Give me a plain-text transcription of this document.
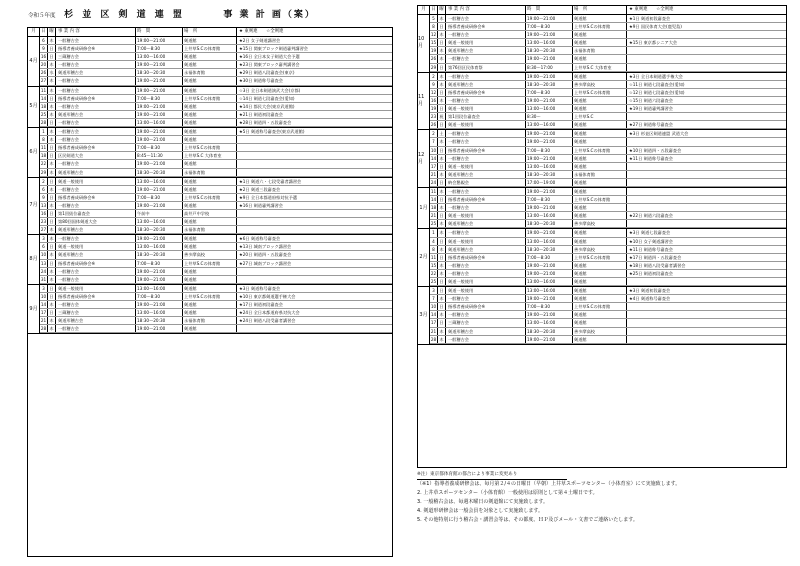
令和５年度 杉 並 区 剣 道 連 盟	事 業 計 画（案）
月	日 曜 事 業 内 容	時　間	場　所	★ 東剣連　　☆全剣連
4月
6	木	一般稽古会	19:00～21:00	剣道館	★2日 女子剣道講習会
9	日	指導者養成研修会※	7:00～8:30	上井草S.Cの体育館	★15日 関東ブロック剣道審判講習会
16 日	三蔵稽古会	13:00～16:00	剣道館	★16日 全日本女子剣道大会予選
20 木	一般稽古会	19:00～21:00	剣道館	★23日 関東ブロック審判講習会
26 水	剣道形稽古会	18:30～20:30	永福体育館	★29日 剣道八段審査会(東京)
27 木	一般稽古会	19:00～21:00	剣道館	★30日 剣道称号審査会
5月
11 木	一般稽古会	19:00～21:00	剣道館	☆3日 全日本剣道演武大会(京都)
14 日	指導者養成研修会※	7:00～8:30	上井草S.Cの体育館	☆14日 剣道七段審査会(愛知)
18 木	一般稽古会	19:00～21:00	剣道館	★14日 都民大会(東京武道館)
25 木	剣道形稽古会	19:00～21:00	剣道館	★21日 剣道初段審査会
28 日	一般稽古会	13:00～16:00	剣道館	★28日 剣道四・五段審査会
6月
1	木	一般稽古会	19:00～21:00	剣道館	★5日 剣道称号審査会(東京武道館)
8	木	一般稽古会	19:00～21:00	剣道館
11 日	指導者養成研修会※	7:00～8:30	上井草S.Cの体育館
18 日	区民剣道大会	8:45～11:30	上井草S.C 大体育室
22 木	一般稽古会	19:00～21:00	剣道館
29 木	剣道形稽古会	18:30～20:30	永福体育館
7月
2	日	剣道一般使用	13:00～16:00	剣道館	★1日 剣道六・七段受審者講習会
6	木	一般稽古会	19:00～21:00	剣道館	★2日 剣道三段審査会
9	日	指導者養成研修会※	7:00～8:30	上井草S.Cの体育館	★9日 全日本都道府県対抗予選
13 木	一般稽古会	19:00～21:00	剣道館	★16日 剣道審判講習会
16 日	第1回級位審査会	午前中	高井戸中学校
23 日	第80回国体剣道大会	13:00～16:00	剣道館
27 木	剣道形稽古会	18:30～20:30	永福体育館
8月
3	木	一般稽古会	19:00～21:00	剣道館	★6日 剣道称号審査会
6	日	剣道一般使用	13:00～16:00	剣道館	★13日 城南ブロック講習会
10 木	剣道形稽古会	18:30～20:30	善多摩高校	★20日 剣道四・五段審査会
13 日	指導者養成研修会※	7:00～8:30	上井草S.Cの体育館	★27日 城南ブロック講習会
24 木	一般稽古会	19:00～21:00	剣道館
31 木	一般稽古会	19:00～21:00	剣道館
9月
3	日	剣道一般使用	13:00～16:00	剣道館	★3日 剣道称号審査会
10 日	指導者養成研修会※	7:00～8:30	上井草S.Cの体育館	★10日 東京都剣道選手権大会
14 木	一般稽古会	19:00～21:00	剣道館	★17日 剣道初段審査会
17 日	三蔵稽古会	13:00～16:00	剣道館	★24日 全日本都道府県対抗大会
21 木	剣道形稽古会	18:30～20:30	永福体育館	★24日 剣道八段受審者講習会
28 木	一般稽古会	19:00～21:00	剣道館
月	日 曜 事 業 内 容	時　間	場　所	★ 東剣連　　☆全剣連
10月
5	木	一般稽古会	19:00～21:00	剣道館	★1日 剣道初段審査会
8	日	指導者養成研修会※	7:00～8:30	上井草S.Cの体育館	★9日 国民体育大会(鹿児島)
12 木	一般稽古会	19:00～21:00	剣道館
15 日	剣道一般使用	13:00～16:00	剣道館	★15日 東京都シニア大会
19 木	剣道形稽古会	18:30～20:30	永福体育館
26 木	一般稽古会	19:00～21:00	剣道館
29 日	第76回区民体育祭	8:30～17:00	上井草S.C 大体育室
11月
2	木	一般稽古会	19:00～21:00	剣道館	★3日 全日本剣道選手権大会
9	木	剣道形稽古会	18:30～20:30	善多摩高校	☆11日 剣道七段審査会(愛知)
12 日	指導者養成研修会※	7:00～8:30	上井草S.Cの体育館	☆12日 剣道七段審査会(愛知)
16 木	一般稽古会	19:00～21:00	剣道館	☆15日 剣道六段審査会
19 日	剣道一般使用	13:00～16:00	剣道館	★19日 剣道審判講習会
23 祝	第1回段位審査会	8:30～	上井草S.C
26 日	剣道一般使用	13:00～16:00	剣道館	★27日 剣道称号審査会
12月
2	土	一般稽古会	19:00～21:00	剣道館	★3日 杉並区剣道連盟 武道大会
7	木	一般稽古会	19:00～21:00	剣道館
10 日	指導者養成研修会※	7:00～8:30	上井草S.Cの体育館	★10日 剣道四・五段審査会
14 木	一般稽古会	19:00～21:00	剣道館	★11日 剣道称号審査会
17 日	剣道一般使用	13:00～16:00	剣道館
21 木	剣道形稽古会	18:30～20:30	永福体育館
24 日	納会懇親会	17:00～19:00	剣道館
1月
11 木	一般稽古会	19:00～21:00	剣道館
14 日	指導者養成研修会※	7:00～8:30	上井草S.Cの体育館
18 木	一般稽古会	19:00～21:00	剣道館
21 日	剣道一般使用	13:00～16:00	剣道館	★22日 剣道六段審査会
25 木	剣道形稽古会	18:30～20:30	善多摩高校
2月
1	木	一般稽古会	19:00～21:00	剣道館	★3日 剣道七段審査会
4	日	剣道一般使用	13:00～16:00	剣道館	★10日 女子剣道講習会
8	木	剣道形稽古会	18:30～20:30	善多摩高校	★11日 剣道称号審査会
11 日	指導者養成研修会※	7:00～8:30	上井草S.Cの体育館	★17日 剣道四・五段審査会
15 木	一般稽古会	19:00～21:00	剣道館	★18日 剣道八段受審者講習会
22 木	一般稽古会	19:00～21:00	剣道館	★25日 剣道初段審査会
25 日	剣道一般使用	13:00～16:00	剣道館
3月
3	日	剣道一般使用	13:00～16:00	剣道館	★3日 剣道初段審査会
7	木	一般稽古会	19:00～21:00	剣道館	★4日 剣道称号審査会
10 日	指導者養成研修会※	7:00～8:30	上井草S.Cの体育館
14 木	一般稽古会	19:00～21:00	剣道館
17 日	三蔵稽古会	13:00～16:00	剣道館
21 木	剣道形稽古会	18:30～20:30	善多摩高校
28 木	一般稽古会	19:00～21:00	剣道館
※注）東京都体育館の都合により事業に変更あり
（※1）指導者養成研修会は、毎月第２/４の日曜日（早朝）上井草スポーツセンター（小体育室）にて実施致します。
2. 上井草スポーツセンター（小体育館）一般使用は原則として第４土曜日です。
3. 一般稽古会は、毎週木曜日の剣道館にて実施致します。
4. 剣道形研修会は一般会員を対象として実施致します。
5. その他特別に行う稽古会・講習会等は、その都度、ＨＰ及びメール・文書でご連絡いたします。
